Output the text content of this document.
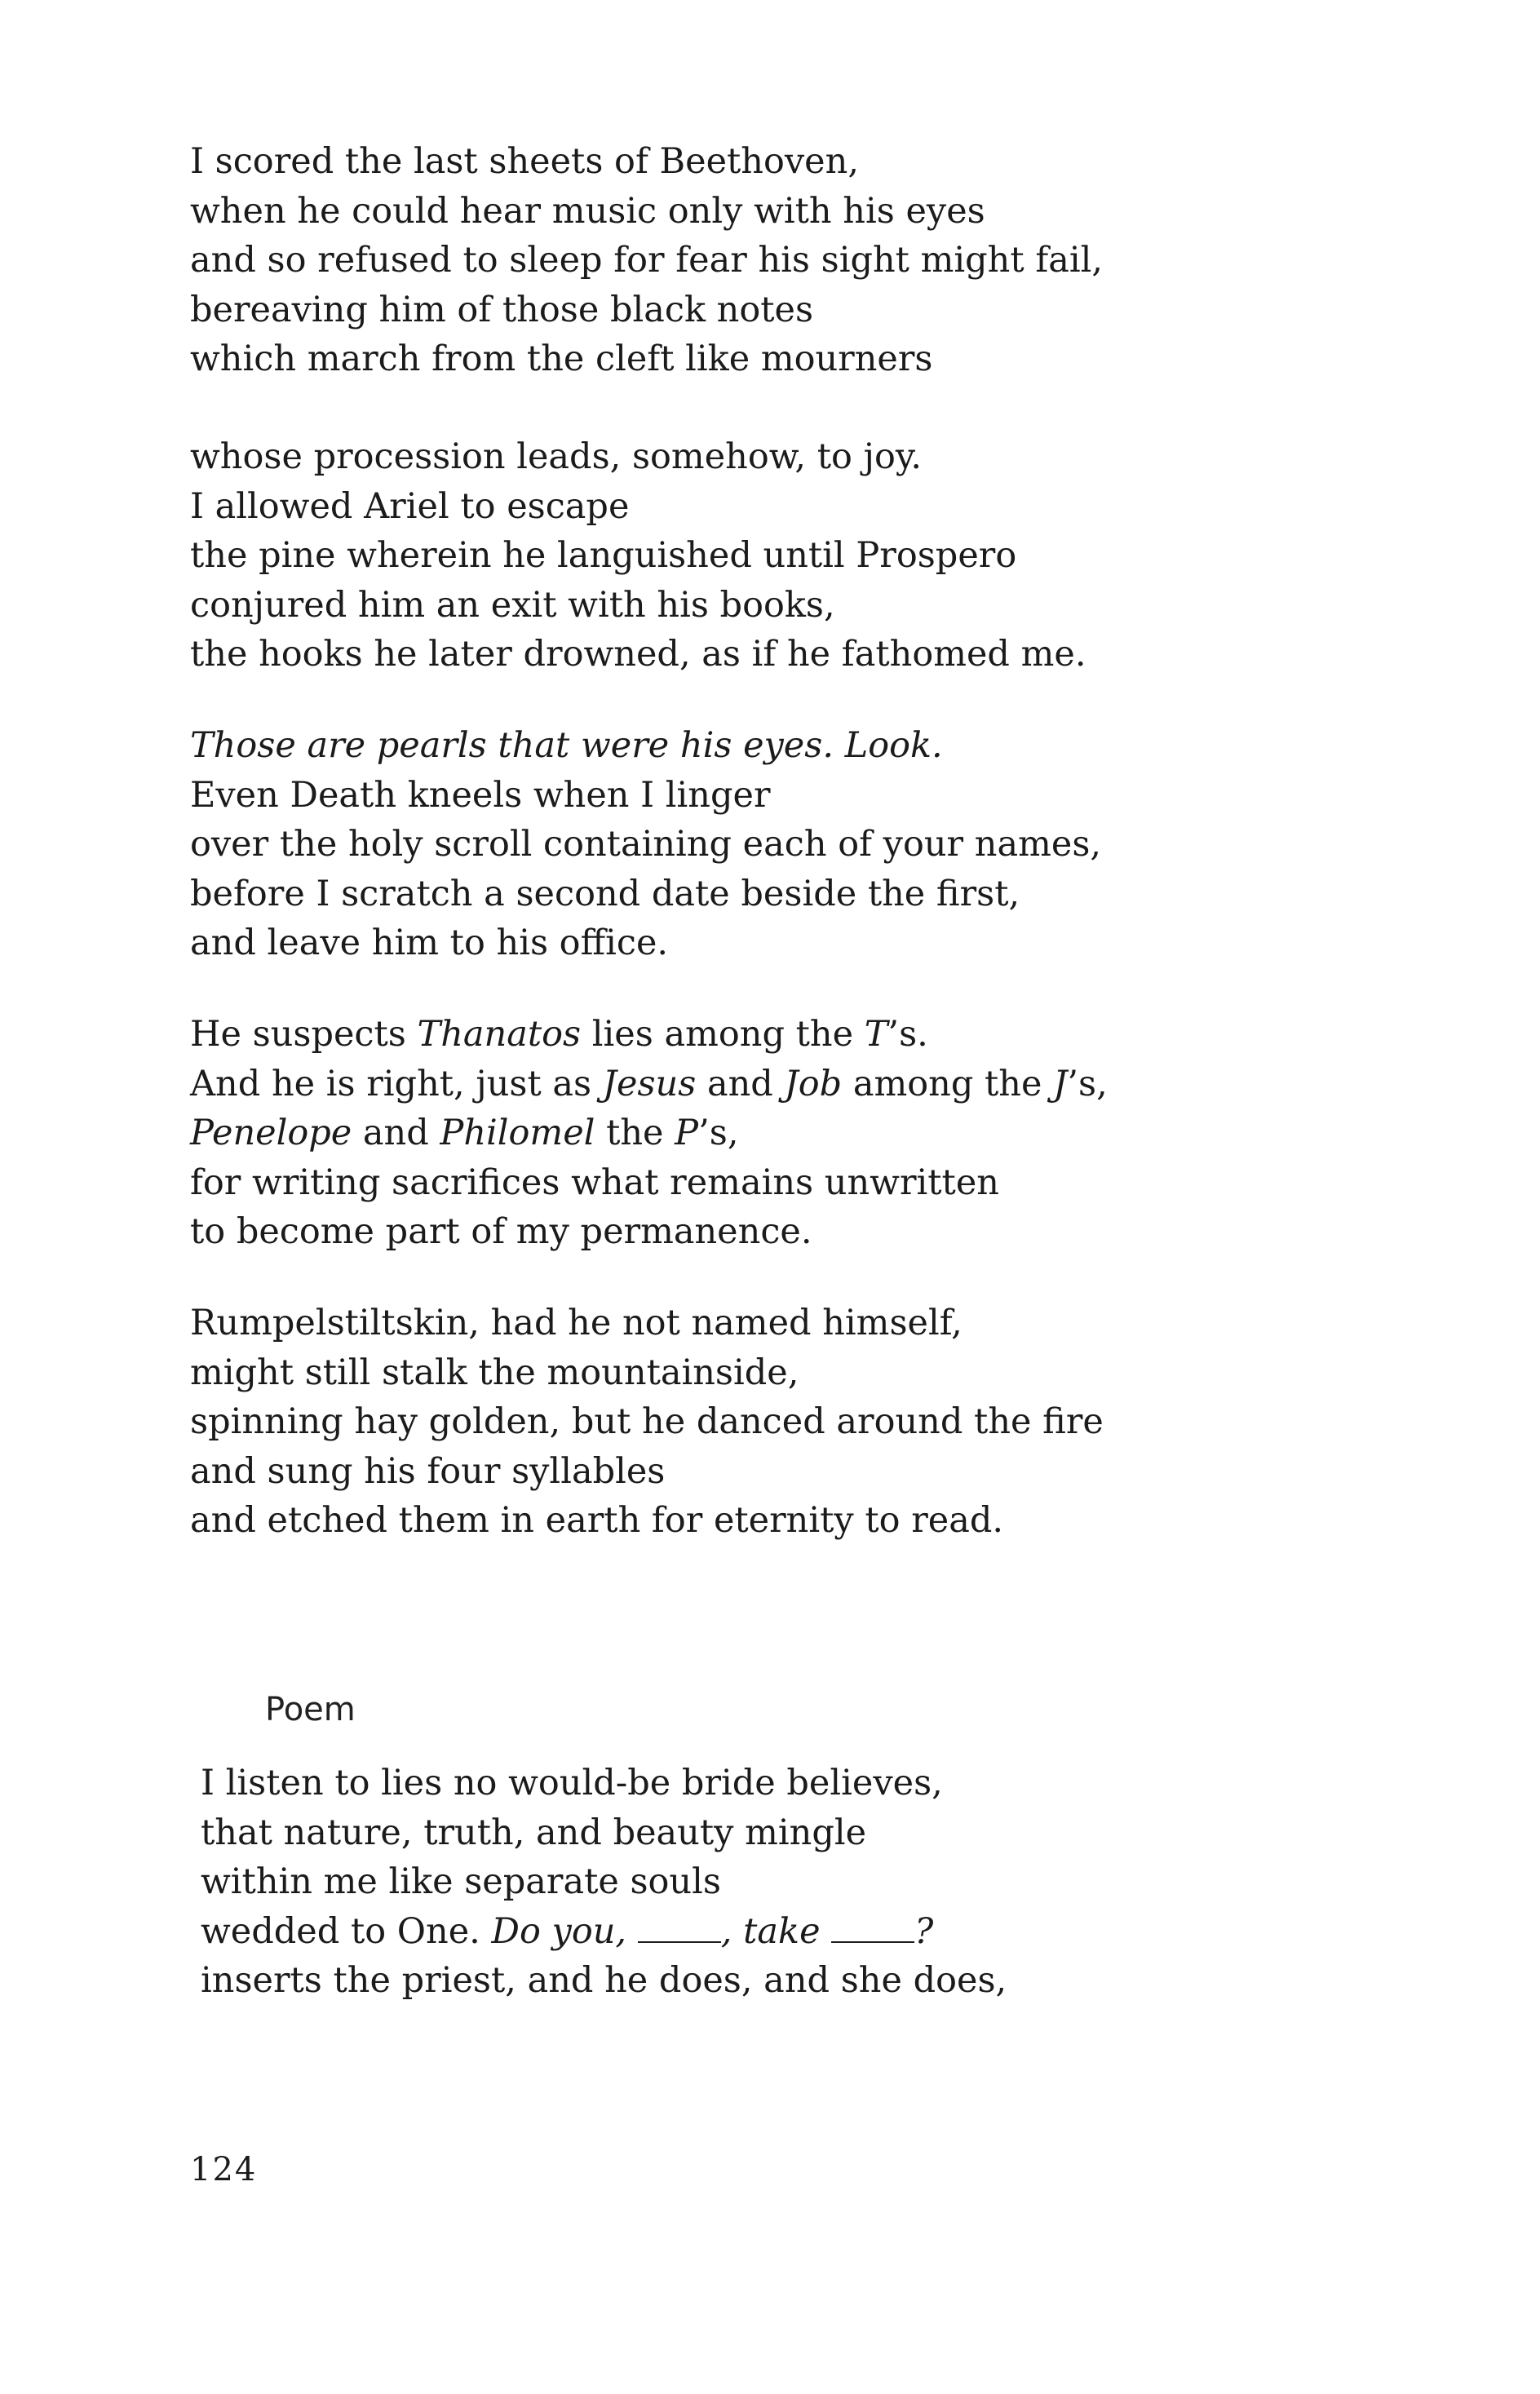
I scored the last sheets of Beethoven,
when he could hear music only with his eyes
and so refused to sleep for fear his sight might fail,
bereaving him of those black notes
which march from the cleft like mourners
whose procession leads, somehow, to joy.
I allowed Ariel to escape
the pine wherein he languished until Prospero
conjured him an exit with his books,
the hooks he later drowned, as if he fathomed me.
Those are pearls that were his eyes. Look.
Even Death kneels when I linger
over the holy scroll containing each of your names,
before I scratch a second date beside the first,
and leave him to his office.
He suspects Thanatos lies among the T’s.
And he is right, just as Jesus and Job among the J’s,
Penelope and Philomel the P’s,
for writing sacrifices what remains unwritten
to become part of my permanence.
Rumpelstiltskin, had he not named himself,
might still stalk the mountainside,
spinning hay golden, but he danced around the fire
and sung his four syllables
and etched them in earth for eternity to read.
Poem
I listen to lies no would-be bride believes,
that nature, truth, and beauty mingle
within me like separate souls
wedded to One. Do you, , take ?
inserts the priest, and he does, and she does,
124
